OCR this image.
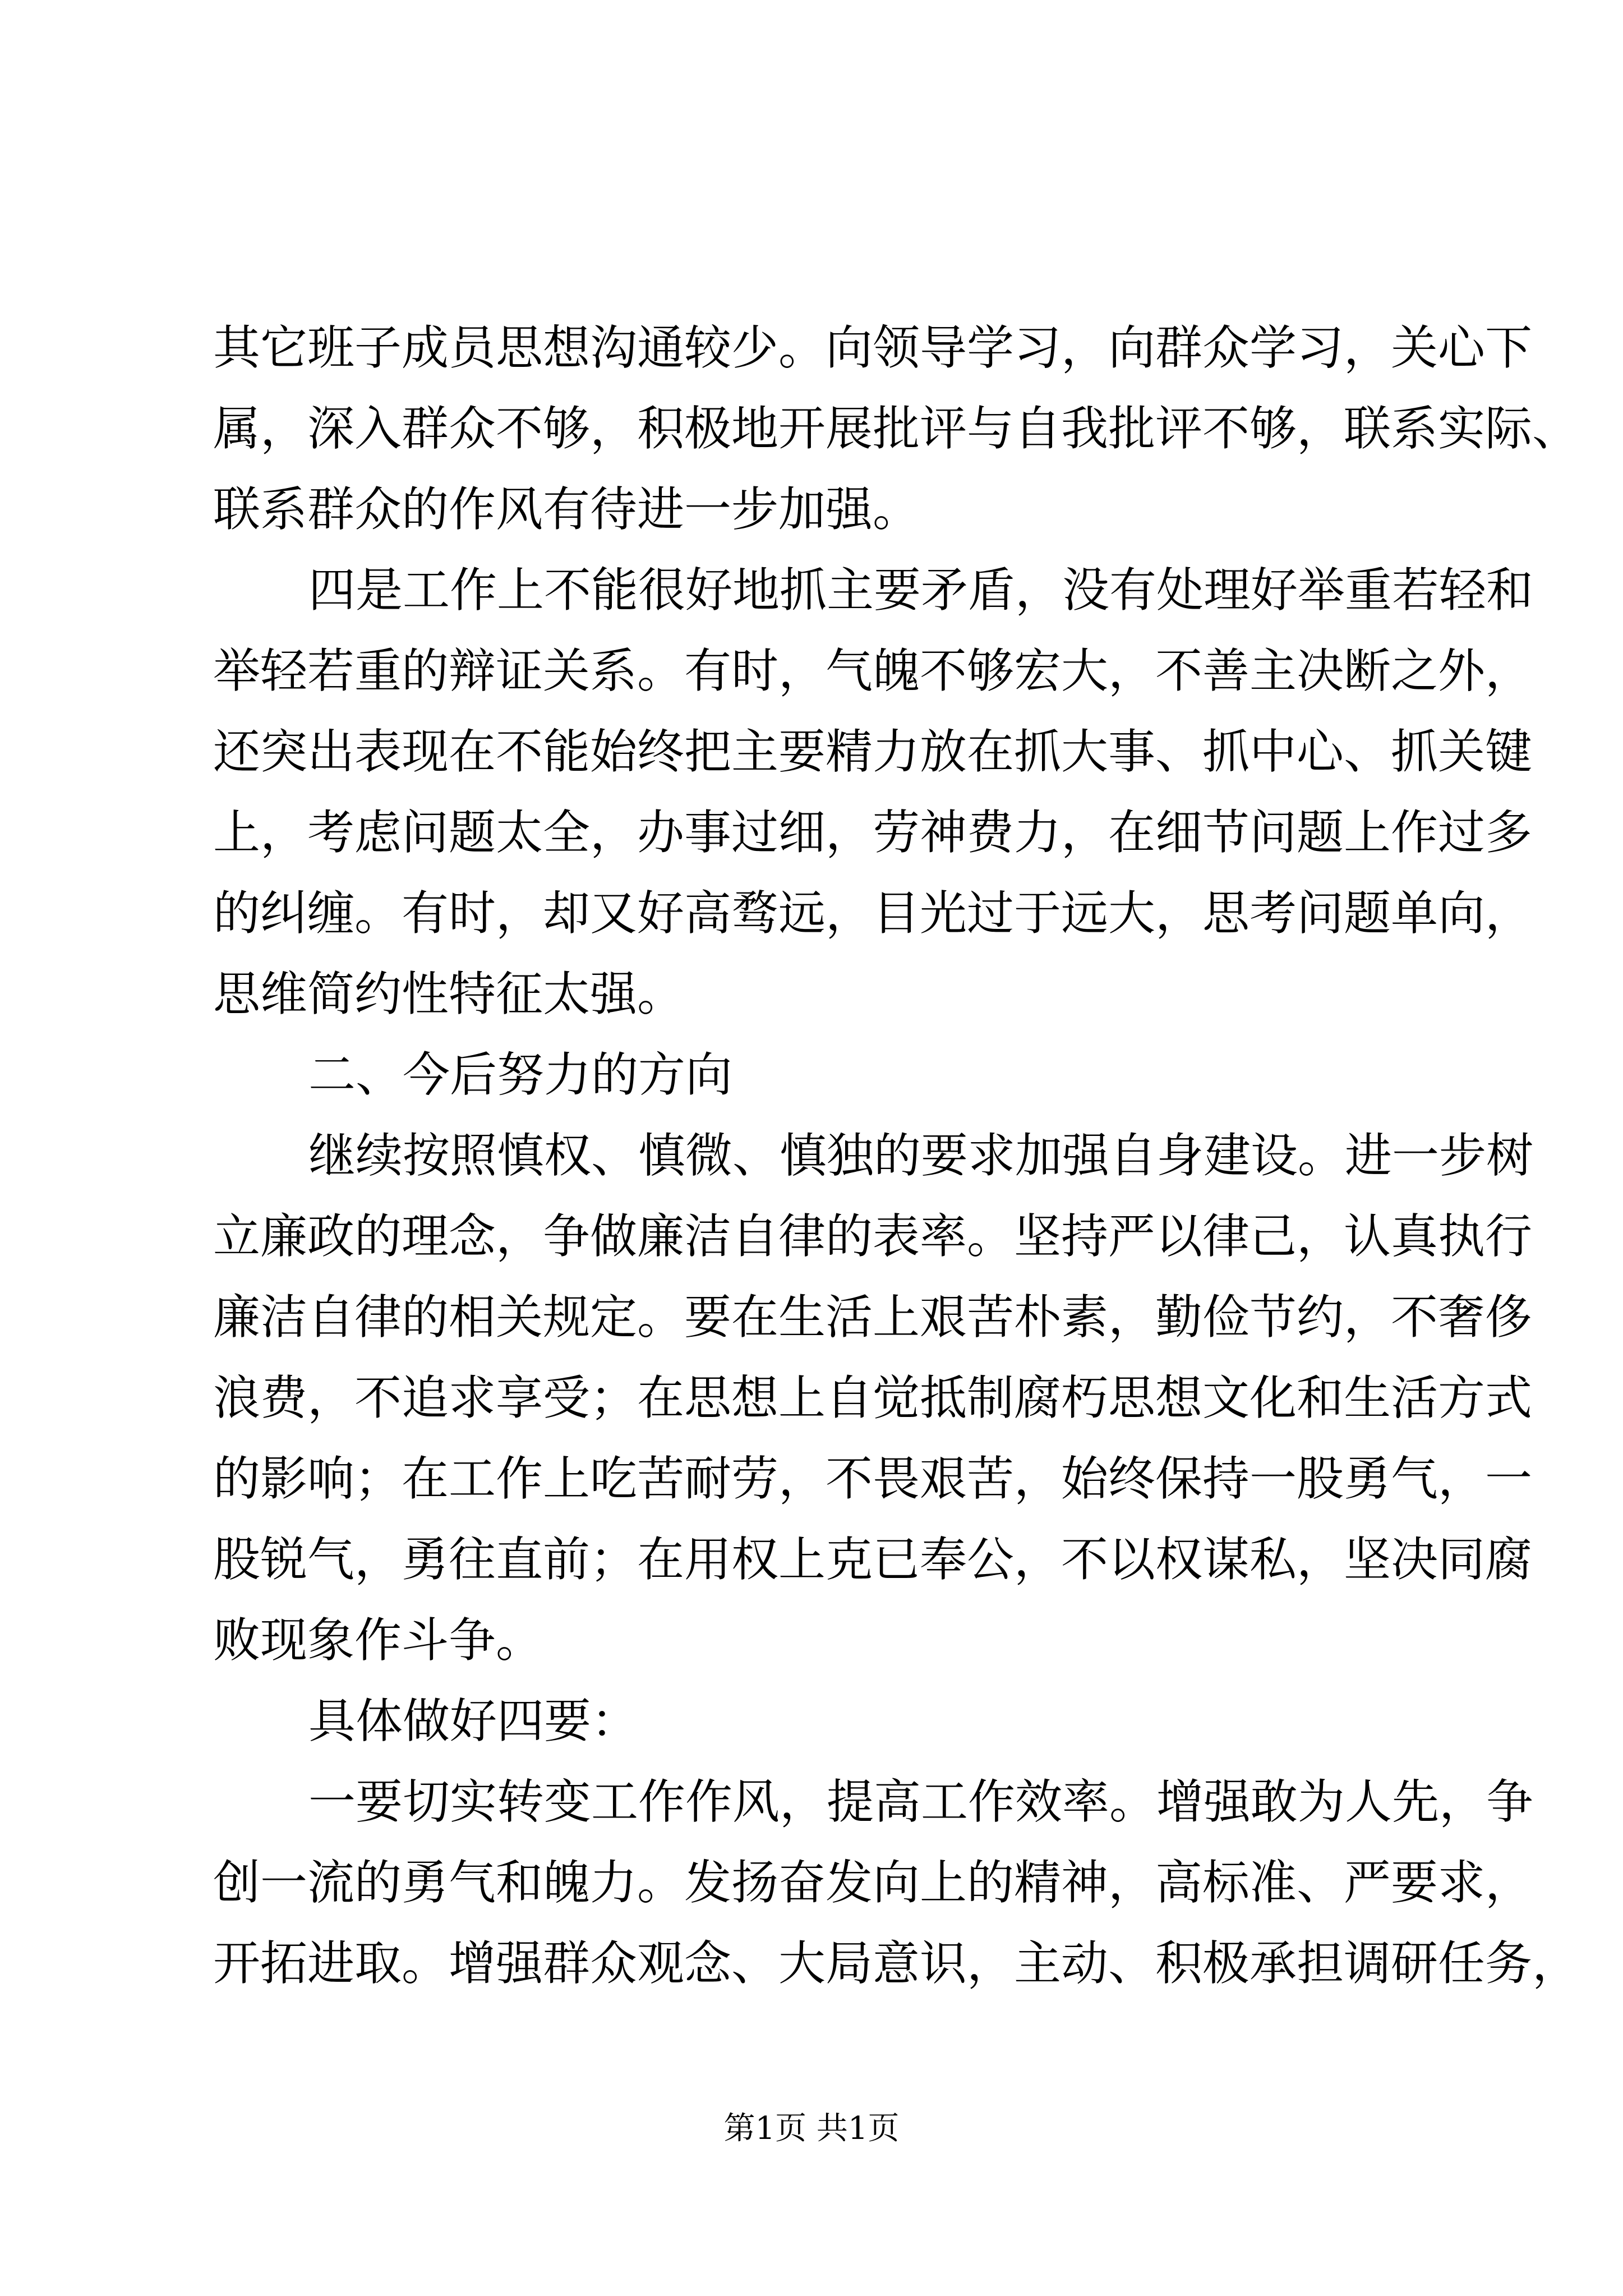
其它班子成员思想沟通较少。向领导学习，向群众学习，关心下
属，深入群众不够，积极地开展批评与自我批评不够，联系实际、
联系群众的作风有待进一步加强。
四是工作上不能很好地抓主要矛盾，没有处理好举重若轻和
举轻若重的辩证关系。有时，气魄不够宏大，不善主决断之外，
还突出表现在不能始终把主要精力放在抓大事、抓中心、抓关键
上，考虑问题太全，办事过细，劳神费力，在细节问题上作过多
的纠缠。有时，却又好高骛远，目光过于远大，思考问题单向，
思维简约性特征太强。
二、今后努力的方向
继续按照慎权、慎微、慎独的要求加强自身建设。进一步树
立廉政的理念，争做廉洁自律的表率。坚持严以律己，认真执行
廉洁自律的相关规定。要在生活上艰苦朴素，勤俭节约，不奢侈
浪费，不追求享受；在思想上自觉抵制腐朽思想文化和生活方式
的影响；在工作上吃苦耐劳，不畏艰苦，始终保持一股勇气，一
股锐气，勇往直前；在用权上克已奉公，不以权谋私，坚决同腐
败现象作斗争。
具体做好四要：
一要切实转变工作作风，提高工作效率。增强敢为人先，争
创一流的勇气和魄力。发扬奋发向上的精神，高标准、严要求，
开拓进取。增强群众观念、大局意识，主动、积极承担调研任务，
第1页 共1页
